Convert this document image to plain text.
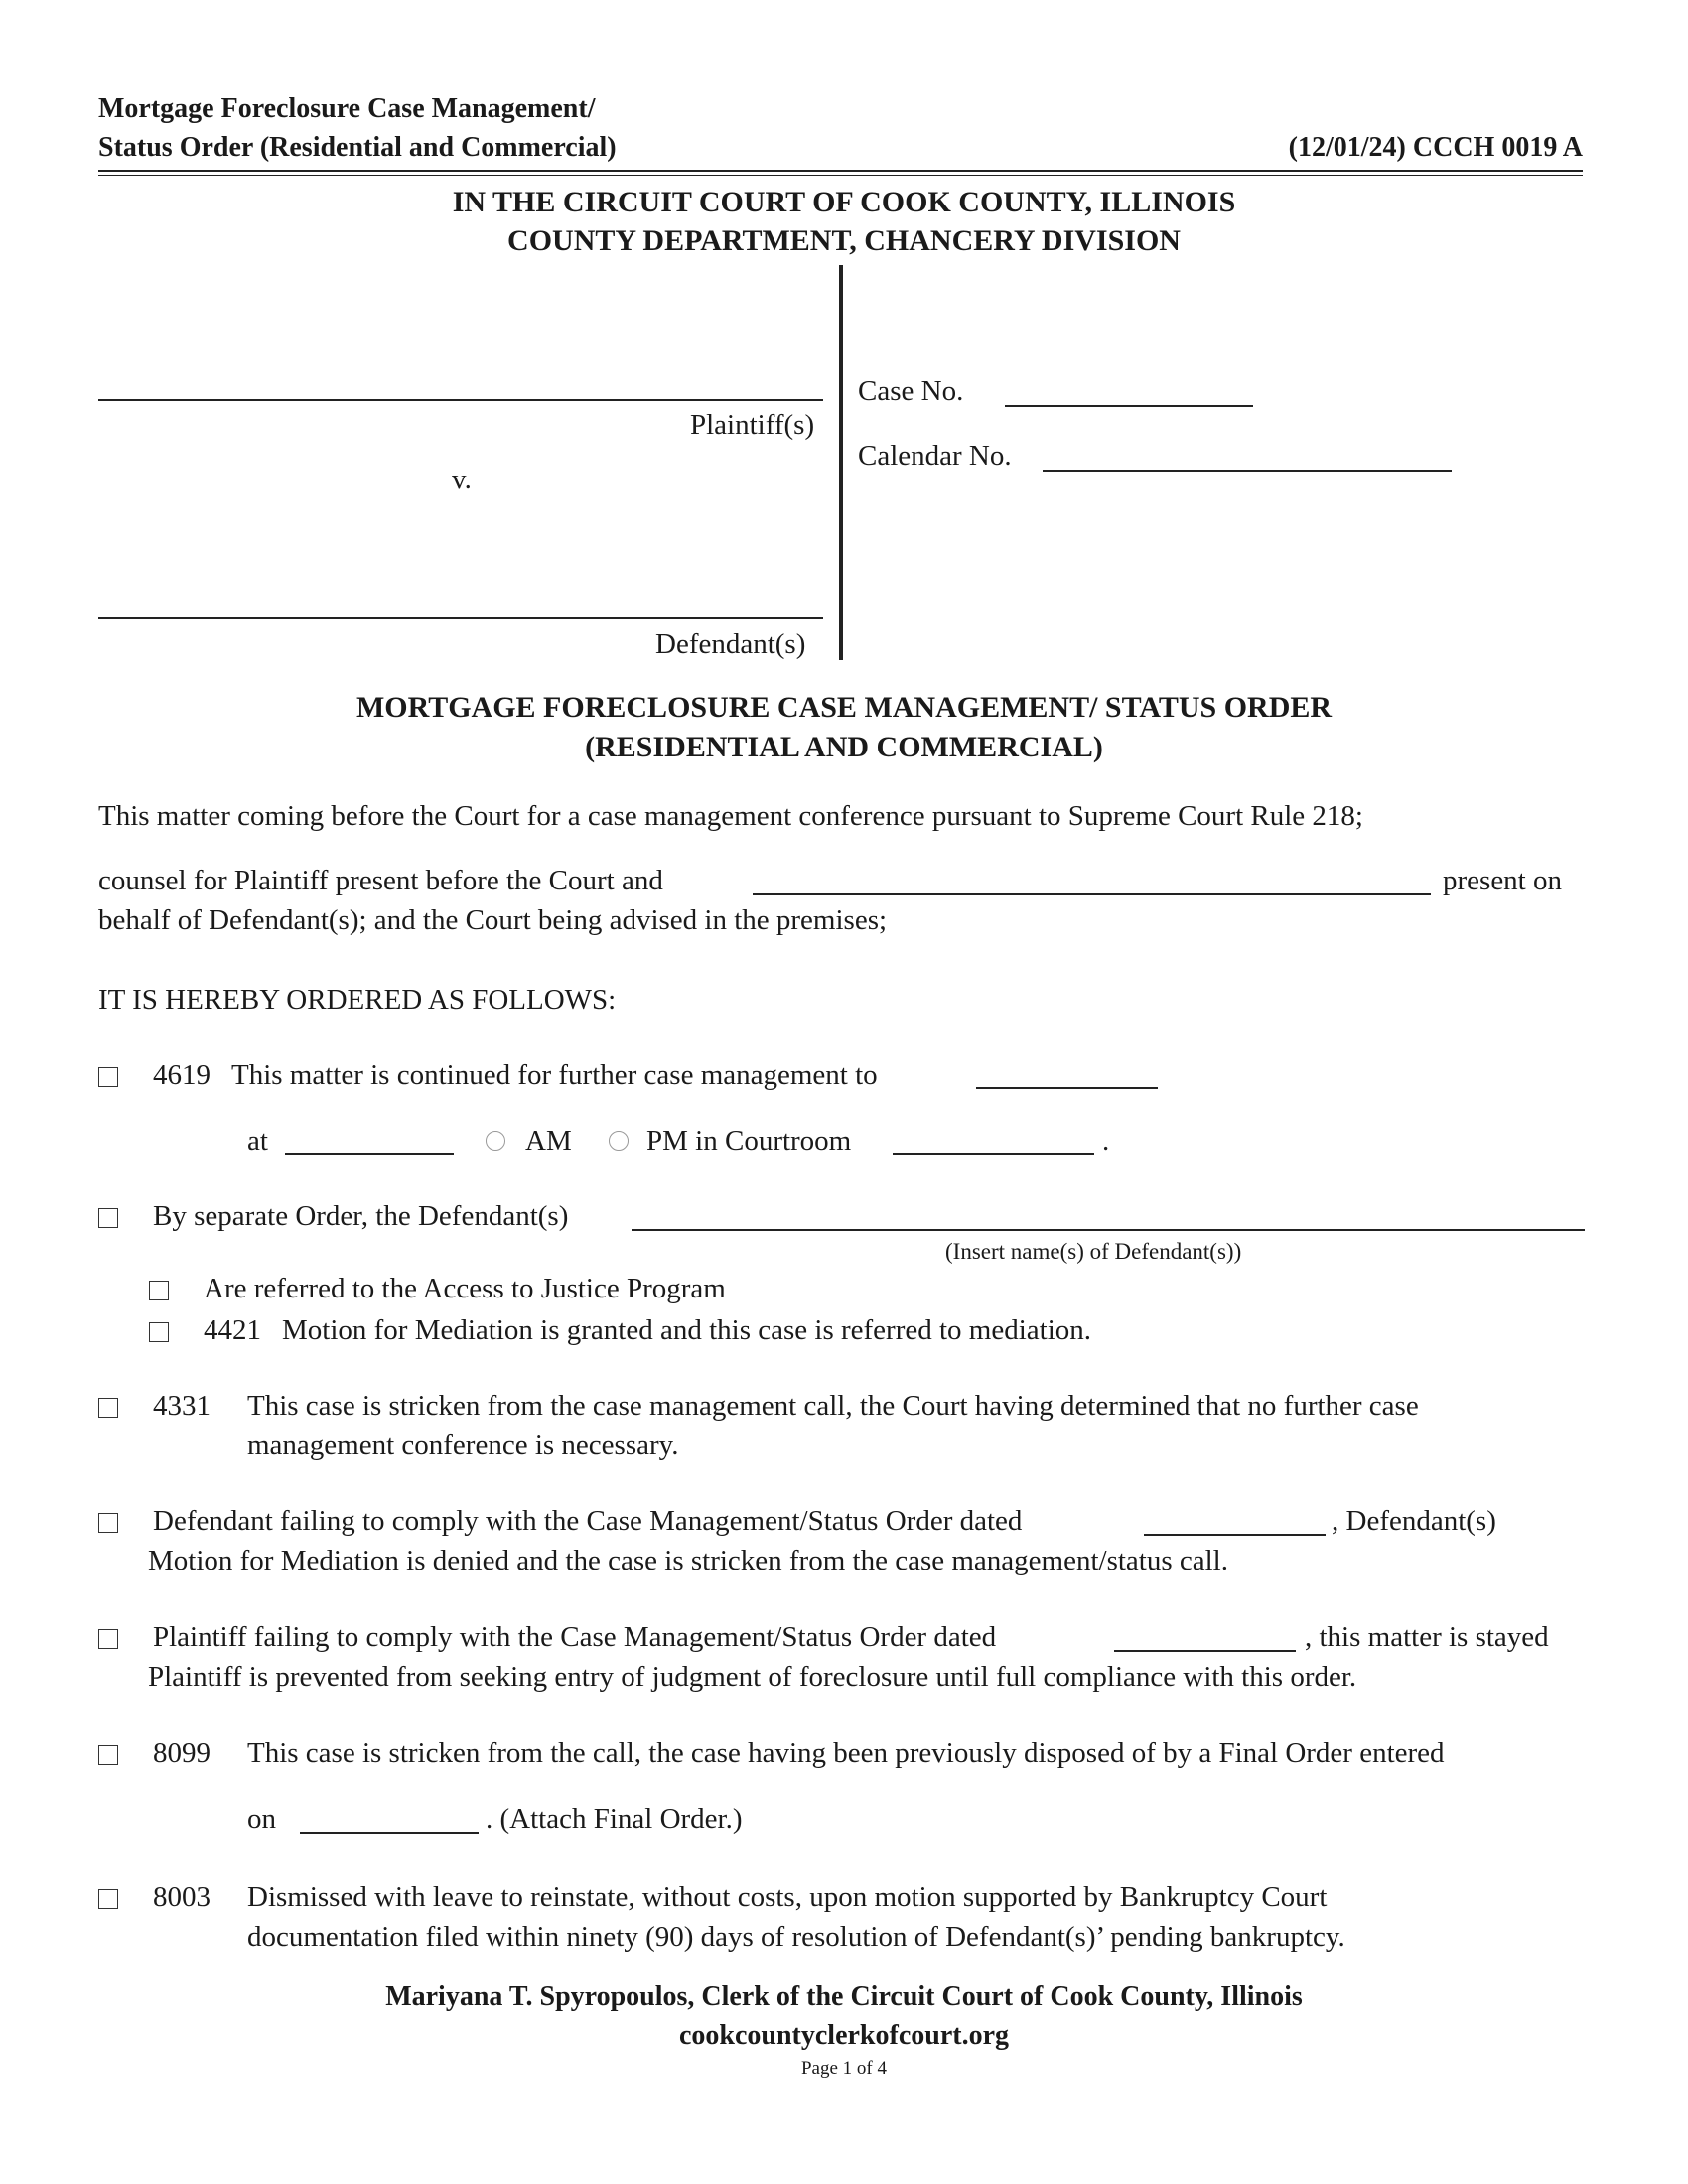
Mortgage Foreclosure Case Management/
Status Order (Residential and Commercial)	(12/01/24) CCCH 0019 A
IN THE CIRCUIT COURT OF COOK COUNTY, ILLINOIS
COUNTY DEPARTMENT, CHANCERY DIVISION
Plaintiff(s)
v.
Defendant(s)
Case No.
Calendar No.
MORTGAGE FORECLOSURE CASE MANAGEMENT/ STATUS ORDER
(RESIDENTIAL AND COMMERCIAL)
This matter coming before the Court for a case management conference pursuant to Supreme Court Rule 218;
counsel for Plaintiff present before the Court and	present on
behalf of Defendant(s); and the Court being advised in the premises;
IT IS HEREBY ORDERED AS FOLLOWS:
4619 This matter is continued for further case management to
at	AM	PM in Courtroom	.
By separate Order, the Defendant(s)
(Insert name(s) of Defendant(s))
Are referred to the Access to Justice Program
4421 Motion for Mediation is granted and this case is referred to mediation.
4331 This case is stricken from the case management call, the Court having determined that no further case
management conference is necessary.
Defendant failing to comply with the Case Management/Status Order dated	, Defendant(s)
Motion for Mediation is denied and the case is stricken from the case management/status call.
Plaintiff failing to comply with the Case Management/Status Order dated	, this matter is stayed
Plaintiff is prevented from seeking entry of judgment of foreclosure until full compliance with this order.
8099 This case is stricken from the call, the case having been previously disposed of by a Final Order entered
on	. (Attach Final Order.)
8003 Dismissed with leave to reinstate, without costs, upon motion supported by Bankruptcy Court
documentation filed within ninety (90) days of resolution of Defendant(s)’ pending bankruptcy.
Mariyana T. Spyropoulos, Clerk of the Circuit Court of Cook County, Illinois
cookcountyclerkofcourt.org
Page 1 of 4
